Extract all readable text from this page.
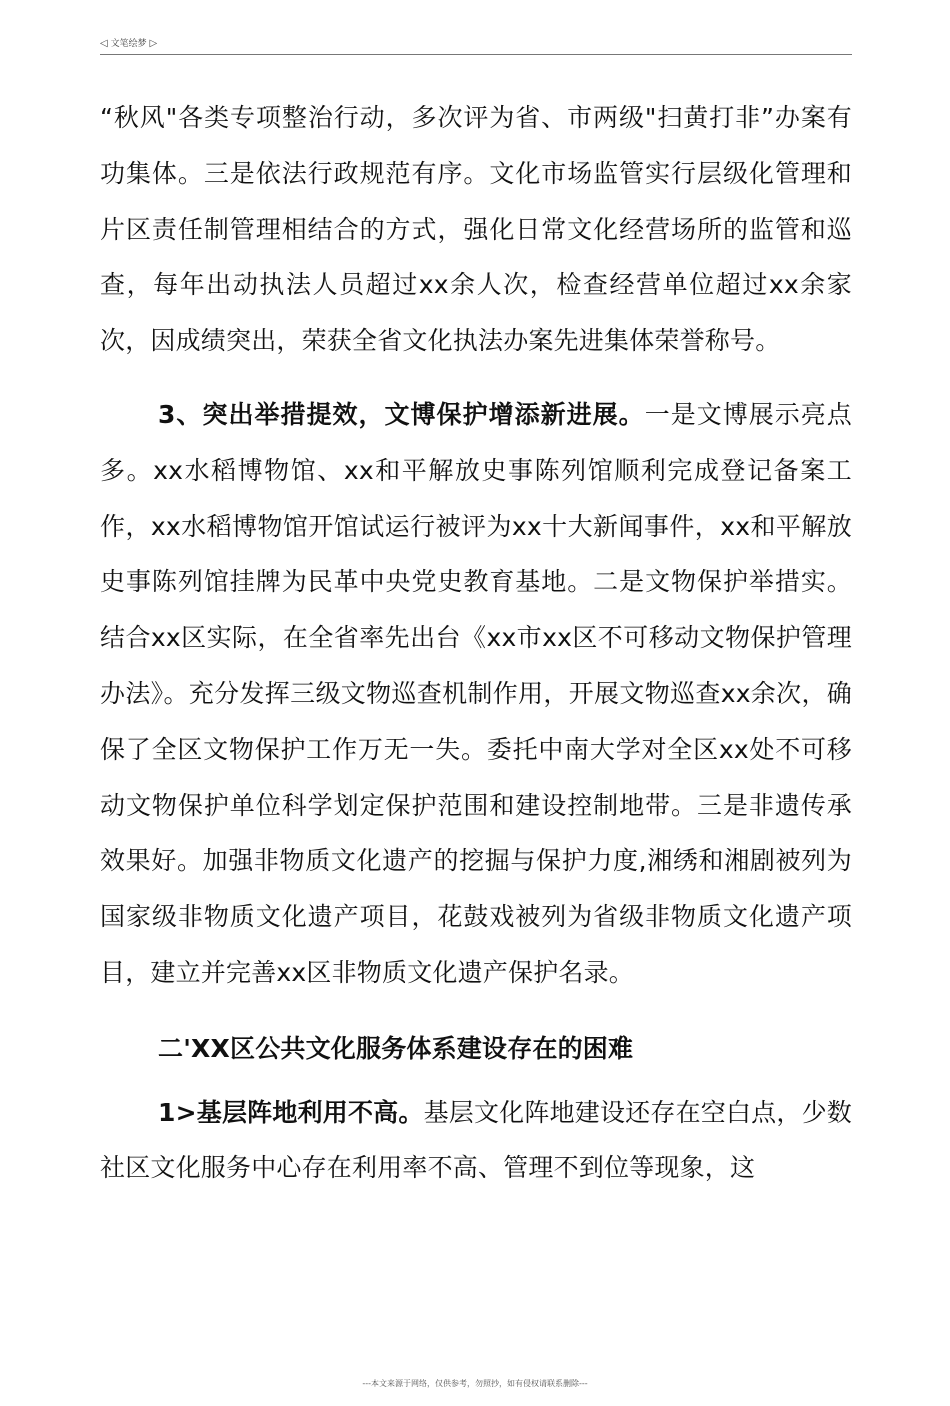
◁ 文笔绘梦 ▷

“秋风"各类专项整治行动，多次评为省、市两级"扫黄打非”办案有功集体。三是依法行政规范有序。文化市场监管实行层级化管理和片区责任制管理相结合的方式，强化日常文化经营场所的监管和巡查，每年出动执法人员超过xx余人次，检查经营单位超过xx余家次，因成绩突出，荣获全省文化执法办案先进集体荣誉称号。

3、突出举措提效，文博保护增添新进展。一是文博展示亮点多。xx水稻博物馆、xx和平解放史事陈列馆顺利完成登记备案工作，xx水稻博物馆开馆试运行被评为xx十大新闻事件，xx和平解放史事陈列馆挂牌为民革中央党史教育基地。二是文物保护举措实。结合xx区实际，在全省率先出台《xx市xx区不可移动文物保护管理办法》。充分发挥三级文物巡查机制作用，开展文物巡查xx余次，确保了全区文物保护工作万无一失。委托中南大学对全区xx处不可移动文物保护单位科学划定保护范围和建设控制地带。三是非遗传承效果好。加强非物质文化遗产的挖掘与保护力度,湘绣和湘剧被列为国家级非物质文化遗产项目，花鼓戏被列为省级非物质文化遗产项目，建立并完善xx区非物质文化遗产保护名录。

二'XX区公共文化服务体系建设存在的困难

1>基层阵地利用不高。基层文化阵地建设还存在空白点，少数社区文化服务中心存在利用率不高、管理不到位等现象，这

---本文来源于网络，仅供参考，勿照抄，如有侵权请联系删除---
